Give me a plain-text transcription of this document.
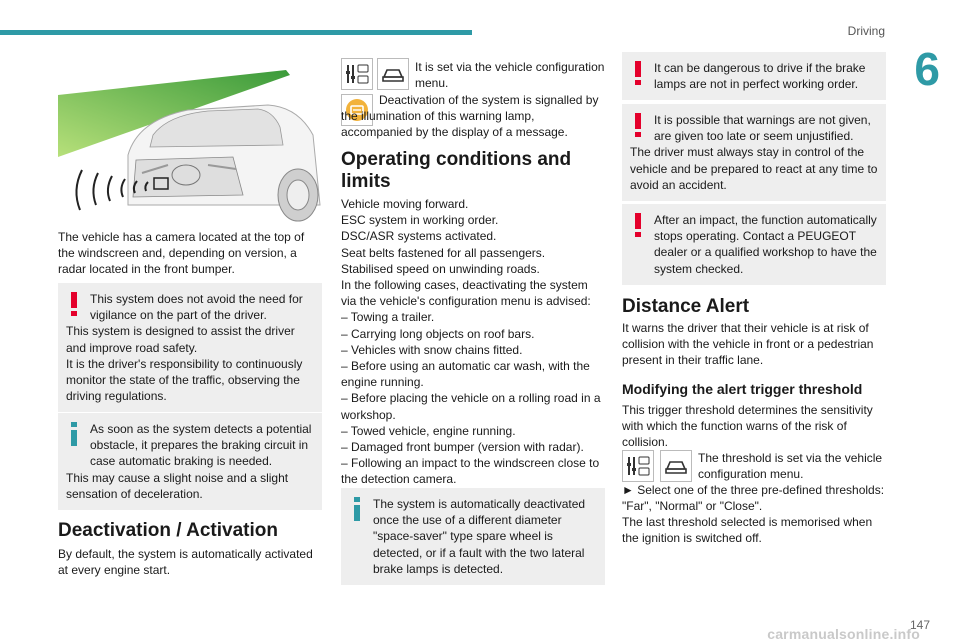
Driving
6

The vehicle has a camera located at the top of the windscreen and, depending on version, a radar located in the front bumper.

This system does not avoid the need for vigilance on the part of the driver.

This system is designed to assist the driver and improve road safety.

It is the driver's responsibility to continuously monitor the state of the traffic, observing the driving regulations.

As soon as the system detects a potential obstacle, it prepares the braking circuit in case automatic braking is needed.

This may cause a slight noise and a slight sensation of deceleration.

Deactivation / Activation

By default, the system is automatically activated at every engine start.

It is set via the vehicle configuration menu.

Deactivation of the system is signalled by the illumination of this warning lamp, accompanied by the display of a message.

Operating conditions and limits

Vehicle moving forward.

ESC system in working order.

DSC/ASR systems activated.

Seat belts fastened for all passengers.

Stabilised speed on unwinding roads.

In the following cases, deactivating the system via the vehicle's configuration menu is advised:

– Towing a trailer.

– Carrying long objects on roof bars.

– Vehicles with snow chains fitted.

– Before using an automatic car wash, with the engine running.

– Before placing the vehicle on a rolling road in a workshop.

– Towed vehicle, engine running.

– Damaged front bumper (version with radar).

– Following an impact to the windscreen close to the detection camera.

The system is automatically deactivated once the use of a different diameter "space-saver" type spare wheel is detected, or if a fault with the two lateral brake lamps is detected.

It can be dangerous to drive if the brake lamps are not in perfect working order.

It is possible that warnings are not given, are given too late or seem unjustified.

The driver must always stay in control of the vehicle and be prepared to react at any time to avoid an accident.

After an impact, the function automatically stops operating. Contact a PEUGEOT dealer or a qualified workshop to have the system checked.

Distance Alert

It warns the driver that their vehicle is at risk of collision with the vehicle in front or a pedestrian present in their traffic lane.

Modifying the alert trigger threshold

This trigger threshold determines the sensitivity with which the function warns of the risk of collision.

The threshold is set via the vehicle configuration menu.

► Select one of the three pre-defined thresholds: "Far", "Normal" or "Close".

The last threshold selected is memorised when the ignition is switched off.

147
carmanualsonline.info
